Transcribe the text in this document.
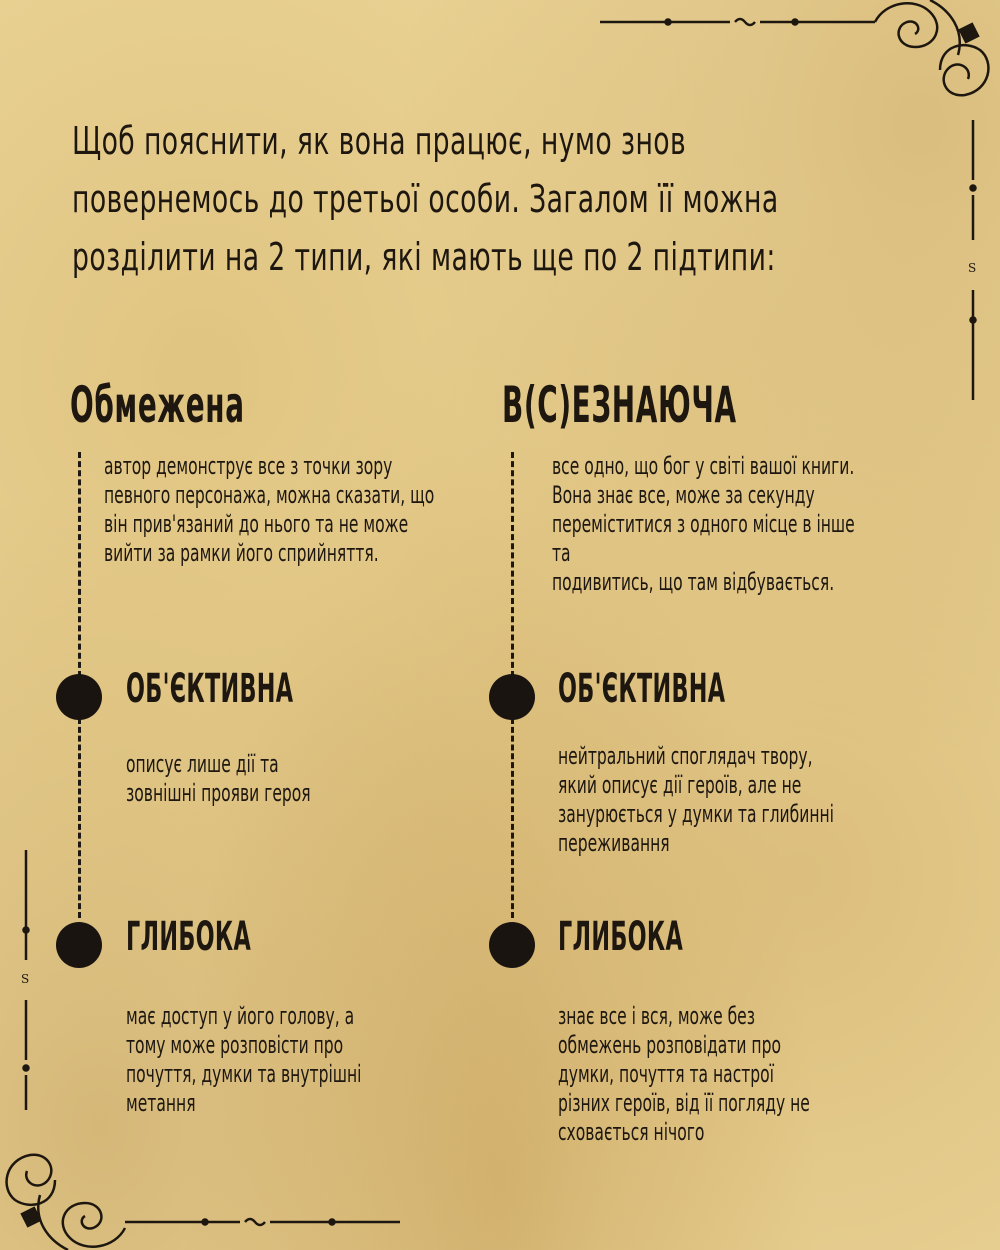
S
S
Щоб пояснити, як вона працює, нумо знов
повернемось до третьої особи. Загалом її можна
розділити на 2 типи, які мають ще по 2 підтипи:
Обмежена
автор демонструє все з точки зору
певного персонажа, можна сказати, що
він прив'язаний до нього та не може
вийти за рамки його сприйняття.
ОБ'ЄКТИВНА
описує лише дії та
зовнішні прояви героя
ГЛИБОКА
має доступ у його голову, а
тому може розповісти про
почуття, думки та внутрішні
метання
В(С)ЕЗНАЮЧА
все одно, що бог у світі вашої книги.
Вона знає все, може за секунду
переміститися з одного місце в інше та
подивитись, що там відбувається.
ОБ'ЄКТИВНА
нейтральний споглядач твору,
який описує дії героїв, але не
занурюється у думки та глибинні
переживання
ГЛИБОКА
знає все і вся, може без
обмежень розповідати про
думки, почуття та настрої
різних героїв, від її погляду не
сховається нічого
